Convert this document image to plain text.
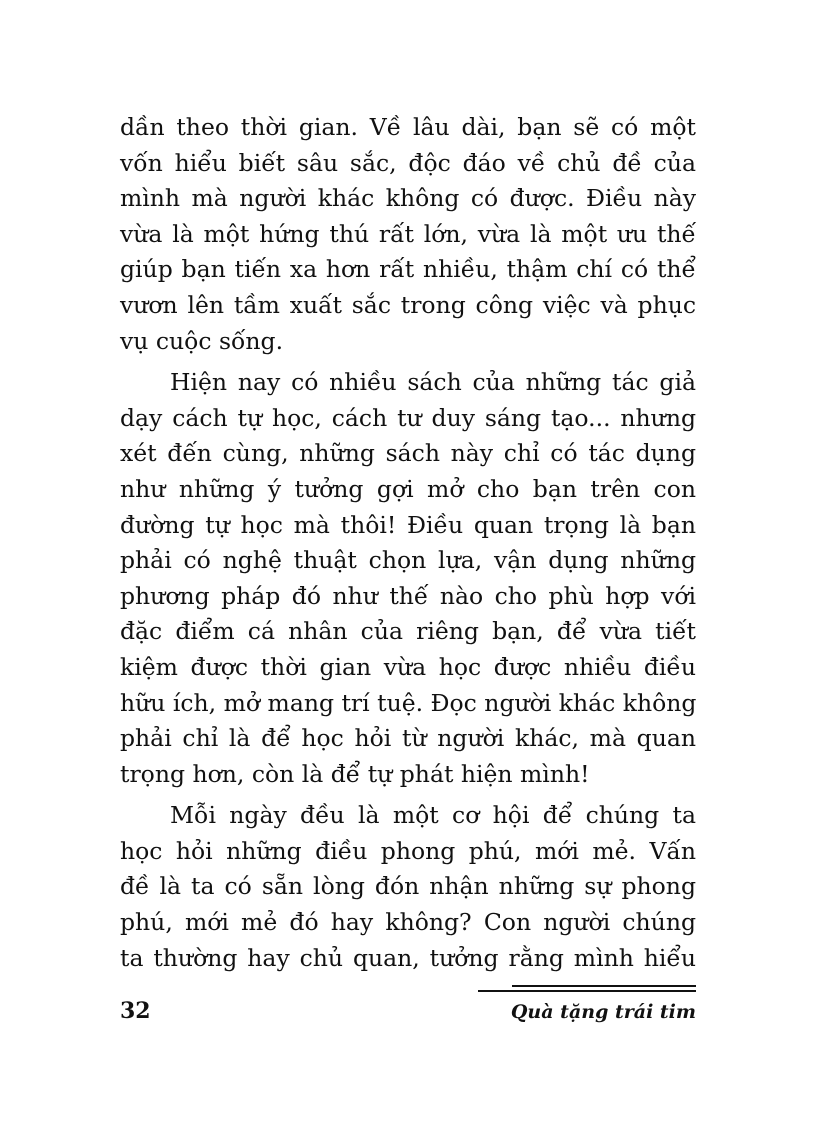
dần theo thời gian. Về lâu dài, bạn sẽ có một
vốn hiểu biết sâu sắc, độc đáo về chủ đề của
mình mà người khác không có được. Điều này
vừa là một hứng thú rất lớn, vừa là một ưu thế
giúp bạn tiến xa hơn rất nhiều, thậm chí có thể
vươn lên tầm xuất sắc trong công việc và phục
vụ cuộc sống.

Hiện nay có nhiều sách của những tác giả
dạy cách tự học, cách tư duy sáng tạo... nhưng
xét đến cùng, những sách này chỉ có tác dụng
như những ý tưởng gợi mở cho bạn trên con
đường tự học mà thôi! Điều quan trọng là bạn
phải có nghệ thuật chọn lựa, vận dụng những
phương pháp đó như thế nào cho phù hợp với
đặc điểm cá nhân của riêng bạn, để vừa tiết
kiệm được thời gian vừa học được nhiều điều
hữu ích, mở mang trí tuệ. Đọc người khác không
phải chỉ là để học hỏi từ người khác, mà quan
trọng hơn, còn là để tự phát hiện mình!

Mỗi ngày đều là một cơ hội để chúng ta
học hỏi những điều phong phú, mới mẻ. Vấn
đề là ta có sẵn lòng đón nhận những sự phong
phú, mới mẻ đó hay không? Con người chúng
ta thường hay chủ quan, tưởng rằng mình hiểu

32	Quà tặng trái tim
